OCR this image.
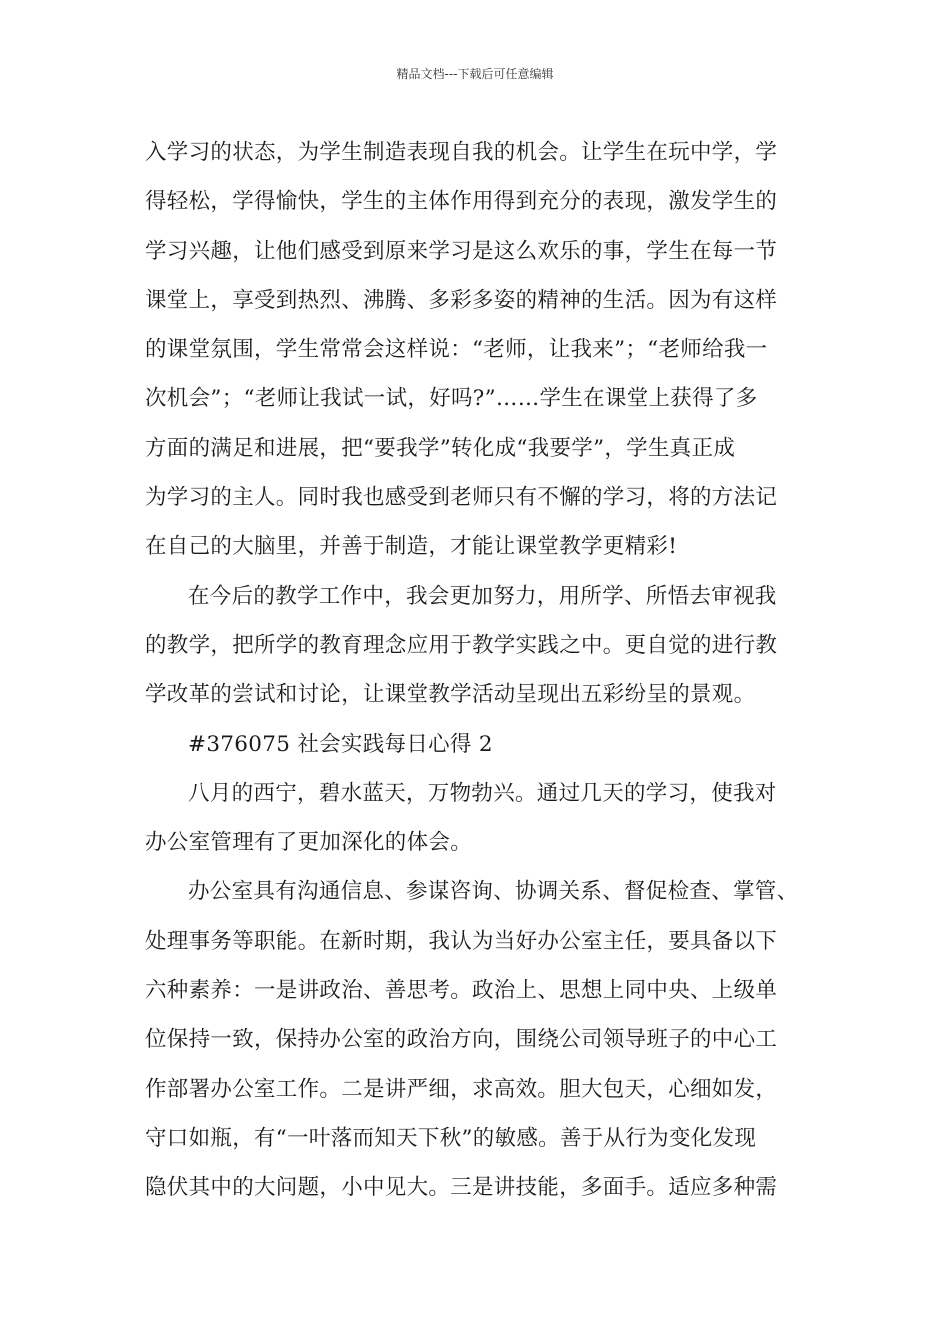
精品文档---下载后可任意编辑
入学习的状态，为学生制造表现自我的机会。让学生在玩中学，学
得轻松，学得愉快，学生的主体作用得到充分的表现，激发学生的
学习兴趣，让他们感受到原来学习是这么欢乐的事，学生在每一节
课堂上，享受到热烈、沸腾、多彩多姿的精神的生活。因为有这样
的课堂氛围，学生常常会这样说：“老师，让我来”；“老师给我一
次机会”；“老师让我试一试，好吗?”……学生在课堂上获得了多
方面的满足和进展，把“要我学”转化成“我要学”，学生真正成
为学习的主人。同时我也感受到老师只有不懈的学习，将的方法记
在自己的大脑里，并善于制造，才能让课堂教学更精彩!
在今后的教学工作中，我会更加努力，用所学、所悟去审视我
的教学，把所学的教育理念应用于教学实践之中。更自觉的进行教
学改革的尝试和讨论，让课堂教学活动呈现出五彩纷呈的景观。
#376075 社会实践每日心得 2
八月的西宁，碧水蓝天，万物勃兴。通过几天的学习，使我对
办公室管理有了更加深化的体会。
办公室具有沟通信息、参谋咨询、协调关系、督促检查、掌管、
处理事务等职能。在新时期，我认为当好办公室主任，要具备以下
六种素养：一是讲政治、善思考。政治上、思想上同中央、上级单
位保持一致，保持办公室的政治方向，围绕公司领导班子的中心工
作部署办公室工作。二是讲严细，求高效。胆大包天，心细如发，
守口如瓶，有“一叶落而知天下秋”的敏感。善于从行为变化发现
隐伏其中的大问题，小中见大。三是讲技能，多面手。适应多种需
